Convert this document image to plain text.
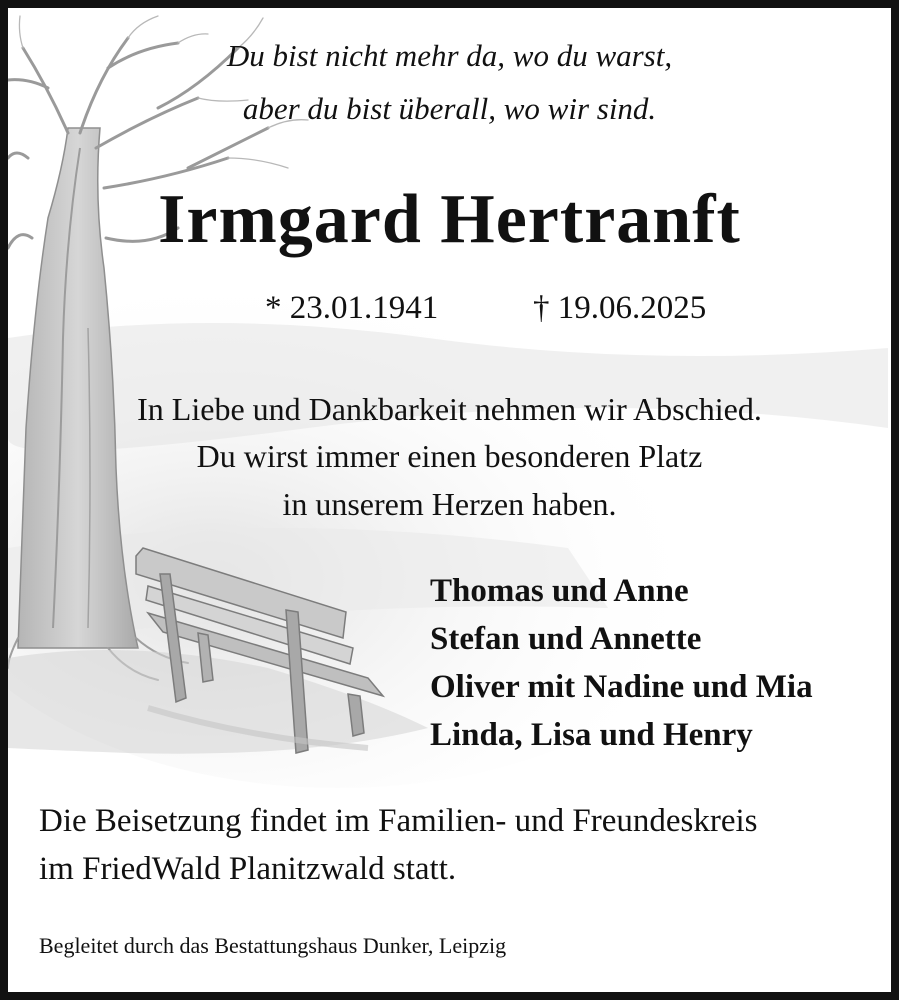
Du bist nicht mehr da, wo du warst,

aber du bist überall, wo wir sind.

Irmgard Hertranft
* 23.01.1941	† 19.06.2025

In Liebe und Dankbarkeit nehmen wir Abschied.

Du wirst immer einen besonderen Platz

in unserem Herzen haben.

Thomas und Anne
Stefan und Annette
Oliver mit Nadine und Mia
Linda, Lisa und Henry

Die Beisetzung findet im Familien- und Freundeskreis

im FriedWald Planitzwald statt.

Begleitet durch das Bestattungshaus Dunker, Leipzig
